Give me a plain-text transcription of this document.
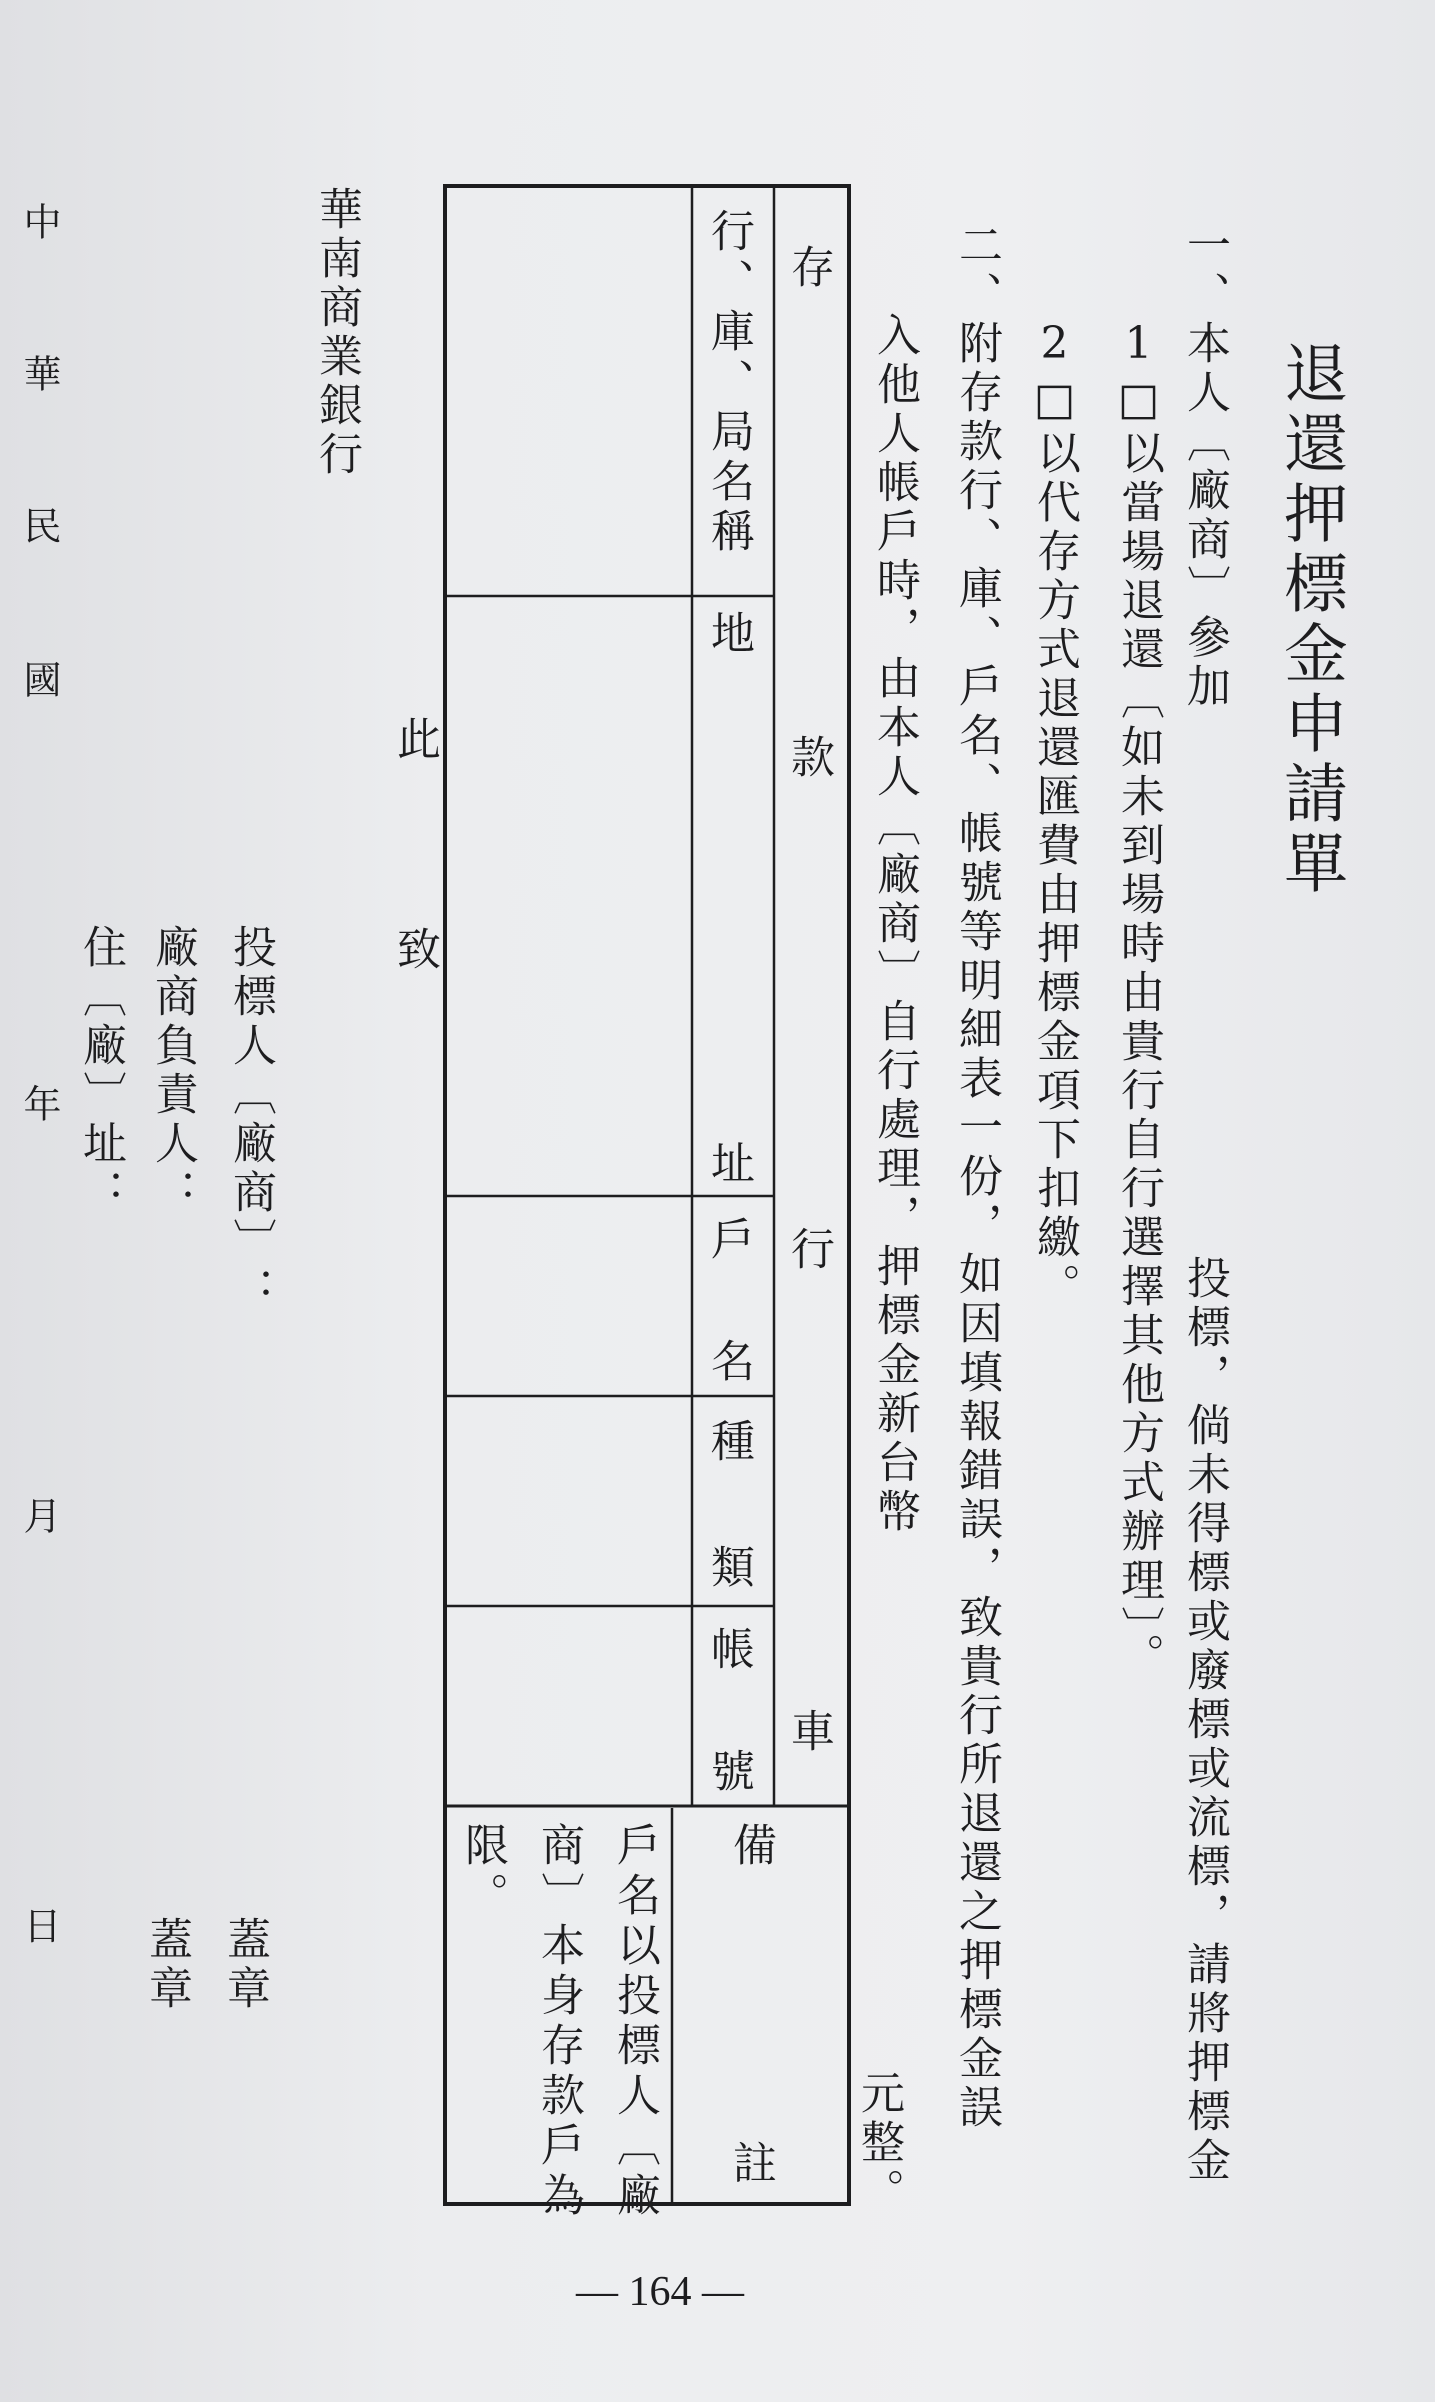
退還押標金申請單
一、本人〔廠商〕參加
投標，倘未得標或廢標或流標，請將押標金
1□以當場退還〔如未到場時由貴行自行選擇其他方式辦理〕。
2□以代存方式退還匯費由押標金項下扣繳。
二、附存款行、庫、戶名、帳號等明細表一份，如因填報錯誤，致貴行所退還之押標金誤
入他人帳戶時，由本人〔廠商〕自行處理，押標金新台幣
元整。
存
款
行
車
行、庫、局名稱
地
址
戶
名
種
類
帳
號
備
註
戶名以投標人〔廠
商〕本身存款戶為
限。
此
致
華南商業銀行
投標人〔廠商〕：
廠商負責人：
住〔廠〕址：
蓋章
蓋章
中
華
民
國
年
月
日
— 164 —
